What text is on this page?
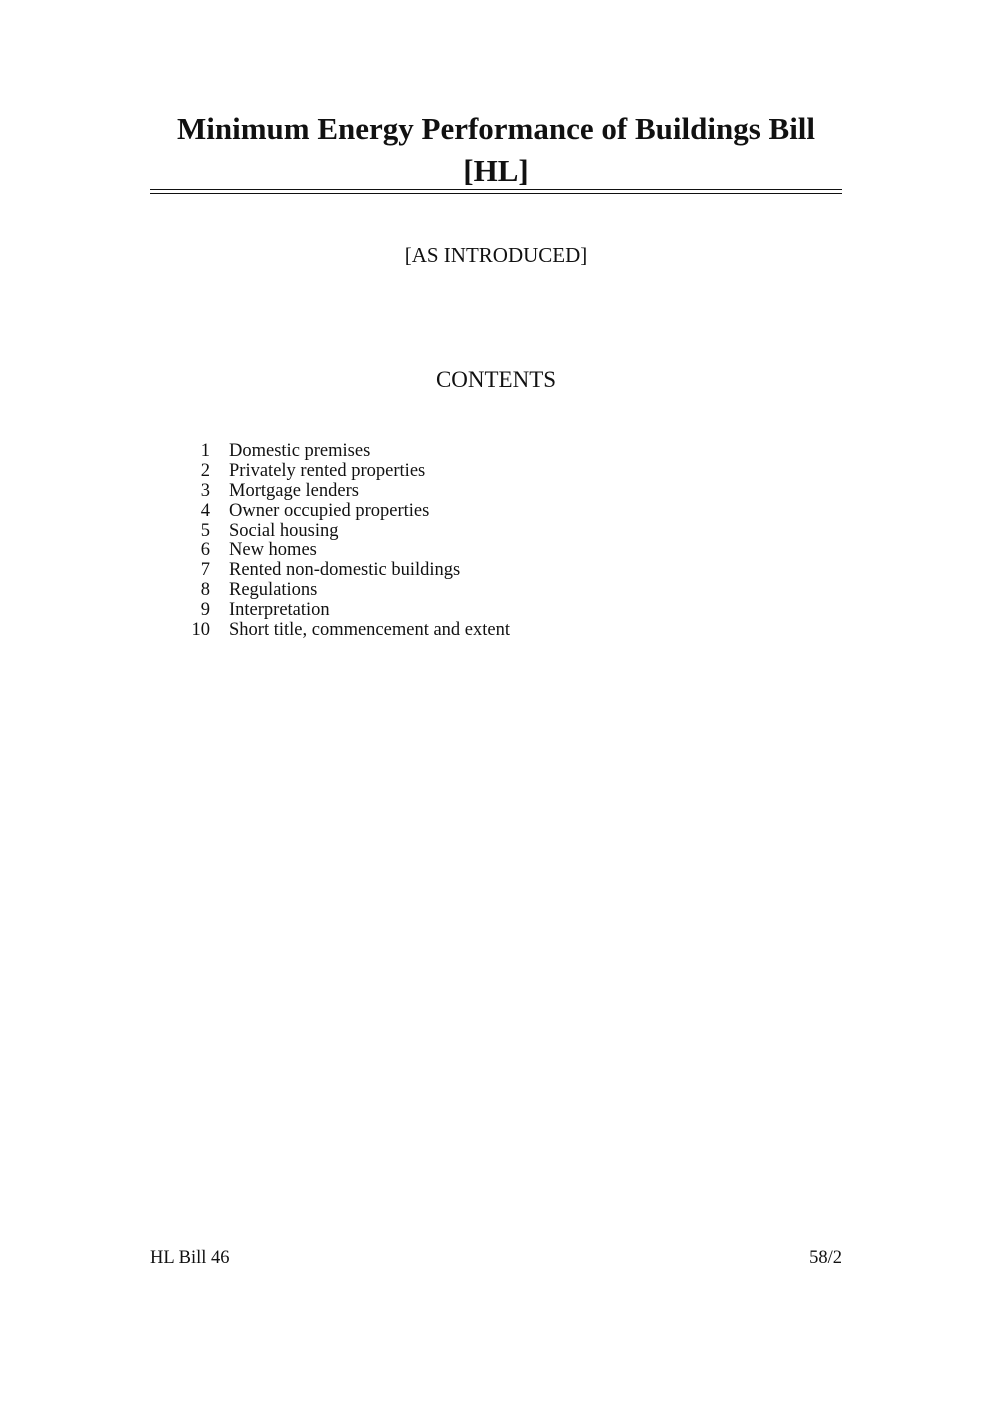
Minimum Energy Performance of Buildings Bill
[HL]
[AS INTRODUCED]
CONTENTS
1 Domestic premises
2 Privately rented properties
3 Mortgage lenders
4 Owner occupied properties
5 Social housing
6 New homes
7 Rented non-domestic buildings
8 Regulations
9 Interpretation
10 Short title, commencement and extent
HL Bill 46	58/2
